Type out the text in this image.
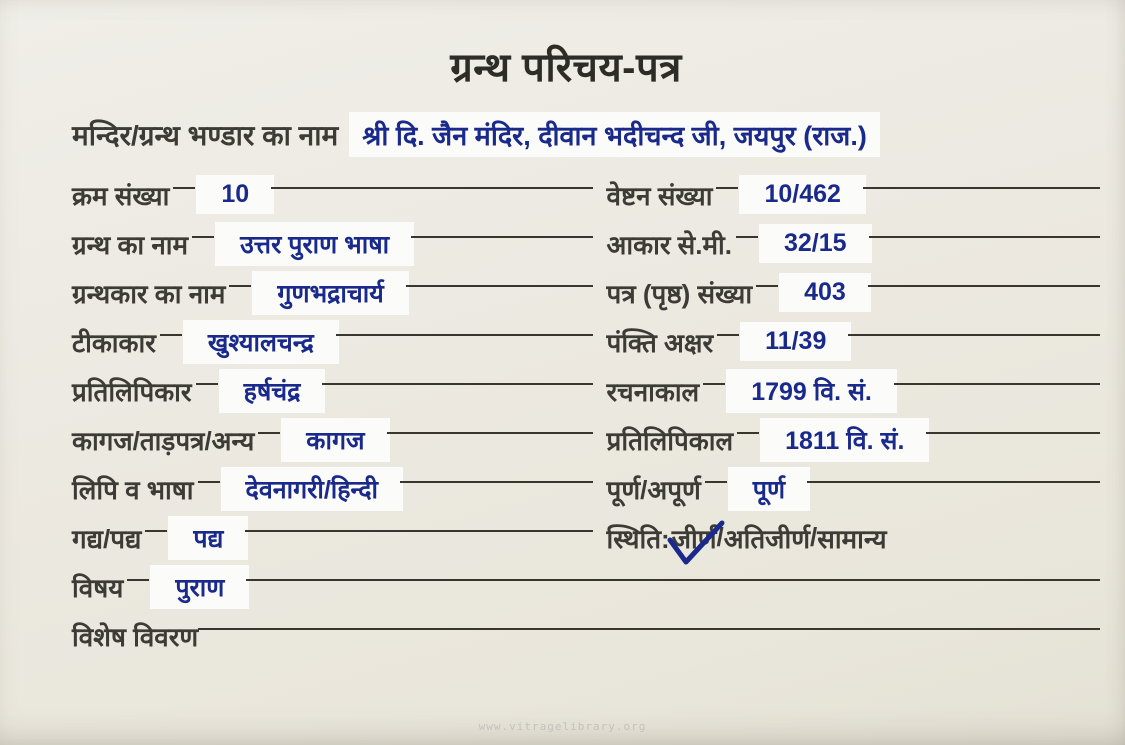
ग्रन्थ परिचय-पत्र
मन्दिर/ग्रन्थ भण्डार का नाम श्री दि. जैन मंदिर, दीवान भदीचन्द जी, जयपुर (राज.)
क्रम संख्या	10	वेष्टन संख्या	10/462
ग्रन्थ का नाम	उत्तर पुराण भाषा	आकार से.मी.	32/15
ग्रन्थकार का नाम	गुणभद्राचार्य	पत्र (पृष्ठ) संख्या	403
टीकाकार	खुश्यालचन्द्र	पंक्ति अक्षर	11/39
प्रतिलिपिकार	हर्षचंद्र	रचनाकाल	1799 वि. सं.
कागज/ताड़पत्र/अन्य	कागज	प्रतिलिपिकाल	1811 वि. सं.
लिपि व भाषा	देवनागरी/हिन्दी	पूर्ण/अपूर्ण	पूर्ण
गद्य/पद्य	पद्य	स्थिति: जीर्ण / अतिजीर्ण / सामान्य
विषय	पुराण
विशेष विवरण
www.vitragelibrary.org
